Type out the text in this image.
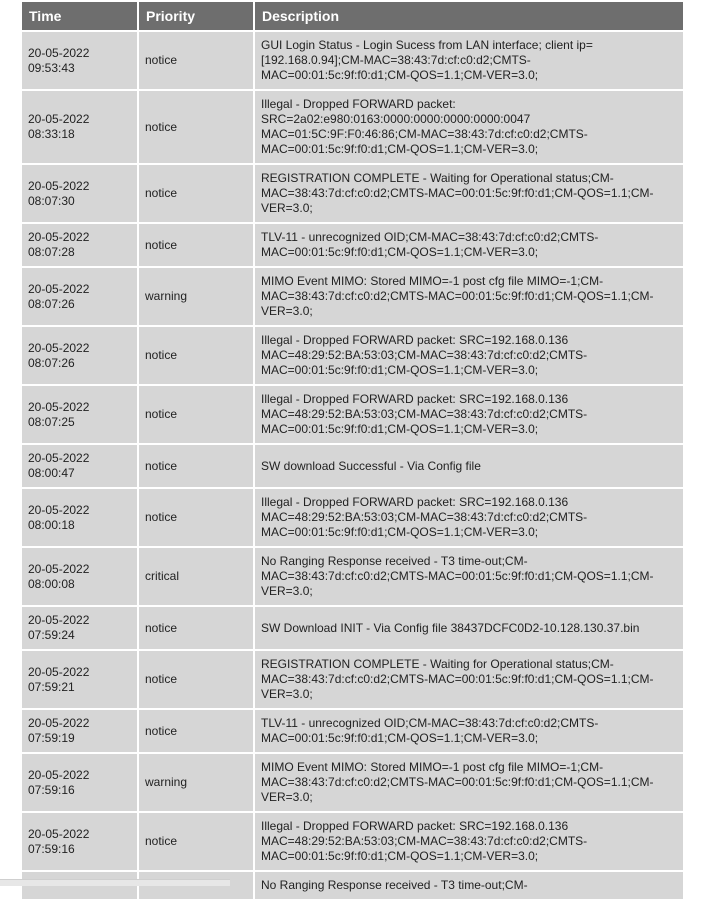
Time	Priority	Description

20-05-2022
09:53:43	notice	GUI Login Status - Login Sucess from LAN interface; client ip=[192.168.0.94];CM-MAC=38:43:7d:cf:c0:d2;CMTS-MAC=00:01:5c:9f:f0:d1;CM-QOS=1.1;CM-VER=3.0;

20-05-2022
08:33:18	notice	Illegal - Dropped FORWARD packet: SRC=2a02:e980:0163:0000:0000:0000:0000:0047 MAC=01:5C:9F:F0:46:86;CM-MAC=38:43:7d:cf:c0:d2;CMTS-MAC=00:01:5c:9f:f0:d1;CM-QOS=1.1;CM-VER=3.0;

20-05-2022
08:07:30	notice	REGISTRATION COMPLETE - Waiting for Operational status;CM-MAC=38:43:7d:cf:c0:d2;CMTS-MAC=00:01:5c:9f:f0:d1;CM-QOS=1.1;CM-VER=3.0;

20-05-2022
08:07:28	notice	TLV-11 - unrecognized OID;CM-MAC=38:43:7d:cf:c0:d2;CMTS-MAC=00:01:5c:9f:f0:d1;CM-QOS=1.1;CM-VER=3.0;

20-05-2022
08:07:26	warning	MIMO Event MIMO: Stored MIMO=-1 post cfg file MIMO=-1;CM-MAC=38:43:7d:cf:c0:d2;CMTS-MAC=00:01:5c:9f:f0:d1;CM-QOS=1.1;CM-VER=3.0;

20-05-2022
08:07:26	notice	Illegal - Dropped FORWARD packet: SRC=192.168.0.136 MAC=48:29:52:BA:53:03;CM-MAC=38:43:7d:cf:c0:d2;CMTS-MAC=00:01:5c:9f:f0:d1;CM-QOS=1.1;CM-VER=3.0;

20-05-2022
08:07:25	notice	Illegal - Dropped FORWARD packet: SRC=192.168.0.136 MAC=48:29:52:BA:53:03;CM-MAC=38:43:7d:cf:c0:d2;CMTS-MAC=00:01:5c:9f:f0:d1;CM-QOS=1.1;CM-VER=3.0;

20-05-2022
08:00:47	notice	SW download Successful - Via Config file

20-05-2022
08:00:18	notice	Illegal - Dropped FORWARD packet: SRC=192.168.0.136 MAC=48:29:52:BA:53:03;CM-MAC=38:43:7d:cf:c0:d2;CMTS-MAC=00:01:5c:9f:f0:d1;CM-QOS=1.1;CM-VER=3.0;

20-05-2022
08:00:08	critical	No Ranging Response received - T3 time-out;CM-MAC=38:43:7d:cf:c0:d2;CMTS-MAC=00:01:5c:9f:f0:d1;CM-QOS=1.1;CM-VER=3.0;

20-05-2022
07:59:24	notice	SW Download INIT - Via Config file 38437DCFC0D2-10.128.130.37.bin

20-05-2022
07:59:21	notice	REGISTRATION COMPLETE - Waiting for Operational status;CM-MAC=38:43:7d:cf:c0:d2;CMTS-MAC=00:01:5c:9f:f0:d1;CM-QOS=1.1;CM-VER=3.0;

20-05-2022
07:59:19	notice	TLV-11 - unrecognized OID;CM-MAC=38:43:7d:cf:c0:d2;CMTS-MAC=00:01:5c:9f:f0:d1;CM-QOS=1.1;CM-VER=3.0;

20-05-2022
07:59:16	warning	MIMO Event MIMO: Stored MIMO=-1 post cfg file MIMO=-1;CM-MAC=38:43:7d:cf:c0:d2;CMTS-MAC=00:01:5c:9f:f0:d1;CM-QOS=1.1;CM-VER=3.0;

20-05-2022
07:59:16	notice	Illegal - Dropped FORWARD packet: SRC=192.168.0.136 MAC=48:29:52:BA:53:03;CM-MAC=38:43:7d:cf:c0:d2;CMTS-MAC=00:01:5c:9f:f0:d1;CM-QOS=1.1;CM-VER=3.0;

		No Ranging Response received - T3 time-out;CM-
